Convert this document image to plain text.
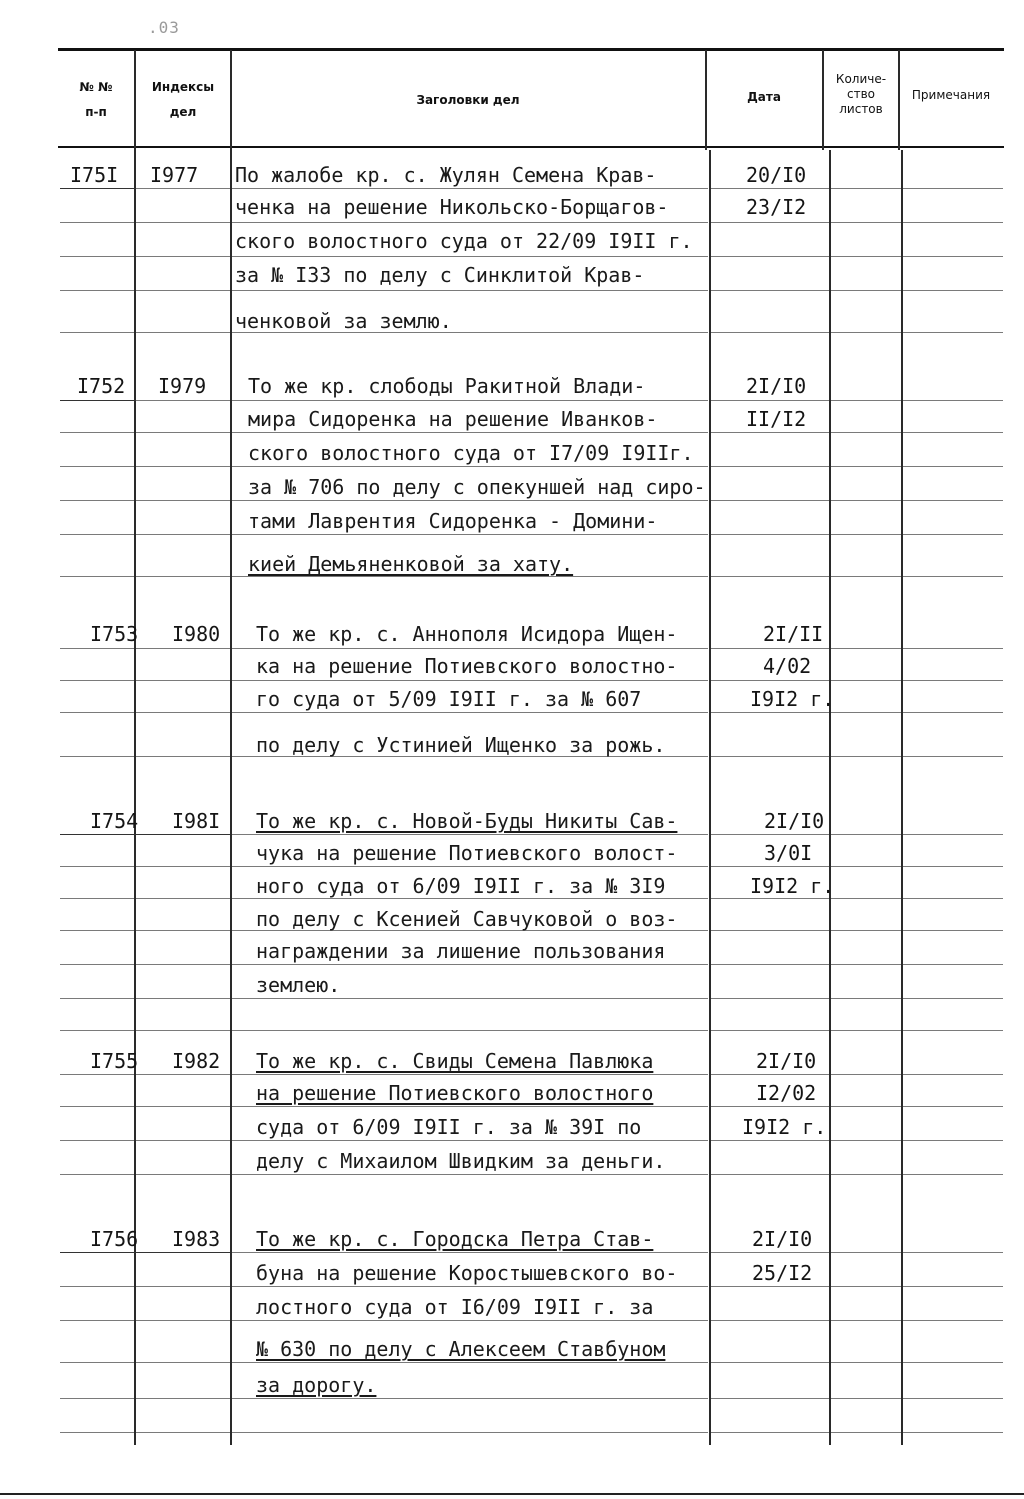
.03
№ №
п-п
Индексы
дел
Заголовки дел	Дата
Количе-
ство
листов
Примечания
I75I I977 По жалобе кр. с. Жулян Семена Крав-
ченка на решение Никольско-Борщагов-
ского волостного суда от 22/09 I9II г.
за № I33 по делу с Синклитой Крав-
ченковой за землю.
20/I0
23/I2
I752 I979 То же кр. слободы Ракитной Влади-
мира Сидоренка на решение Иванков-
ского волостного суда от I7/09 I9IIг.
за № 706 по делу с опекуншей над сиро-
тами Лаврентия Сидоренка - Домини-
кией Демьяненковой за хату.
2I/I0
II/I2
I753 I980 То же кр. с. Аннополя Исидора Ищен-
ка на решение Потиевского волостно-
го суда от 5/09 I9II г. за № 607
по делу с Устинией Ищенко за рожь.
2I/II
4/02
I9I2 г.
I754 I98I То же кр. с. Новой-Буды Никиты Сав-
чука на решение Потиевского волост-
ного суда от 6/09 I9II г. за № 3I9
по делу с Ксенией Савчуковой о воз-
награждении за лишение пользования
землею.
2I/I0
3/0I
I9I2 г.
I755 I982 То же кр. с. Свиды Семена Павлюка
на решение Потиевского волостного
суда от 6/09 I9II г. за № 39I по
делу с Михаилом Швидким за деньги.
2I/I0
I2/02
I9I2 г.
I756 I983 То же кр. с. Городска Петра Став-
буна на решение Коростышевского во-
лостного суда от I6/09 I9II г. за
№ 630 по делу с Алексеем Ставбуном
за дорогу.
2I/I0
25/I2
